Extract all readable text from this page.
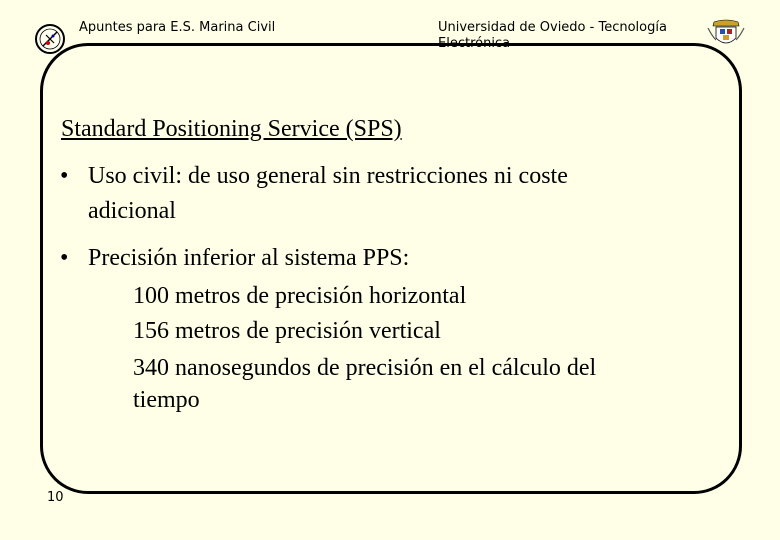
Apuntes para E.S. Marina Civil	Universidad de Oviedo - Tecnología Electrónica
Standard Positioning Service (SPS)
• Uso civil: de uso general sin restricciones ni coste
adicional
• Precisión inferior al sistema PPS:
100 metros de precisión horizontal
156 metros de precisión vertical
340 nanosegundos de precisión en el cálculo del
tiempo
10
